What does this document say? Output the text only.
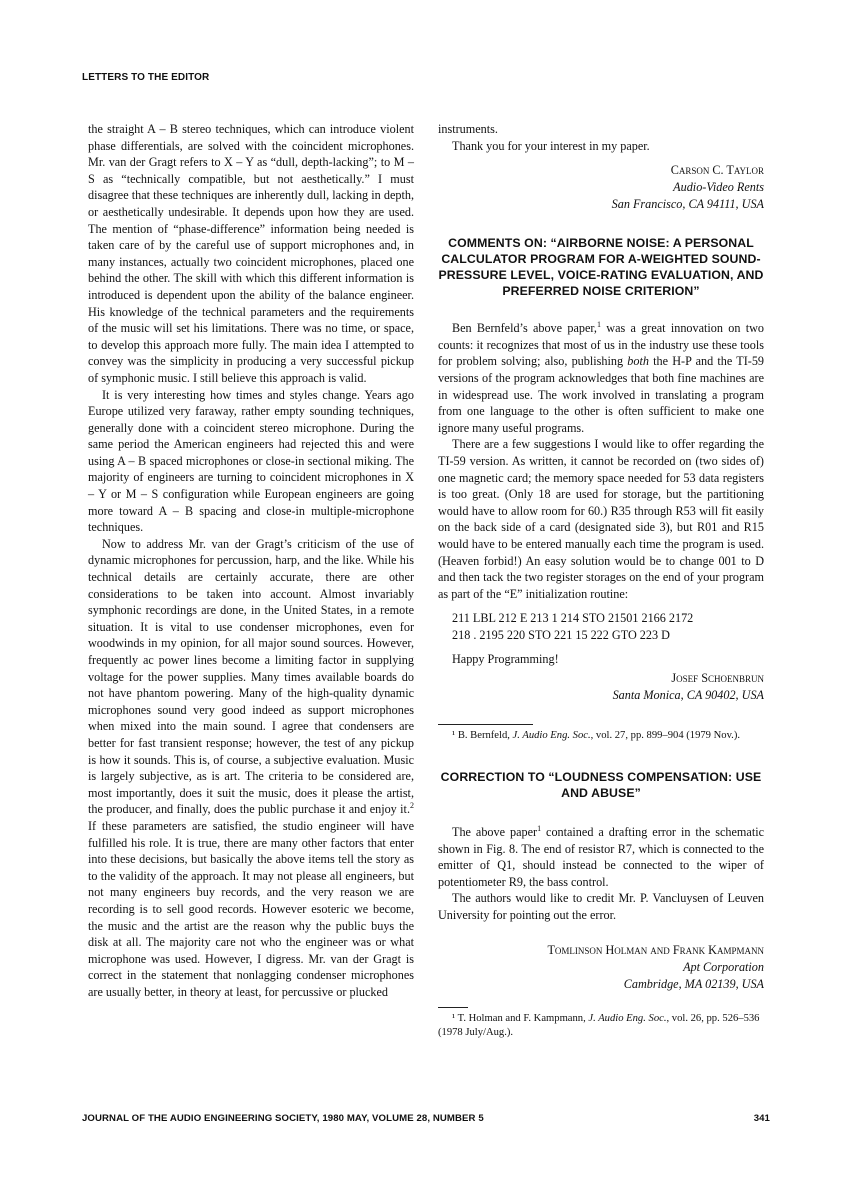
LETTERS TO THE EDITOR

the straight A – B stereo techniques, which can introduce violent phase differentials, are solved with the coincident microphones. Mr. van der Gragt refers to X – Y as “dull, depth-lacking”; to M – S as “technically compatible, but not aesthetically.” I must disagree that these techniques are inherently dull, lacking in depth, or aesthetically undesirable. It depends upon how they are used. The mention of “phase-difference” information being needed is taken care of by the careful use of support microphones and, in many instances, actually two coincident microphones, placed one behind the other. The skill with which this different information is introduced is dependent upon the ability of the balance engineer. His knowledge of the technical parameters and the requirements of the music will set his limitations. There was no time, or space, to develop this approach more fully. The main idea I attempted to convey was the simplicity in producing a very successful pickup of symphonic music. I still believe this approach is valid.

It is very interesting how times and styles change. Years ago Europe utilized very faraway, rather empty sounding techniques, generally done with a coincident stereo microphone. During the same period the American engineers had rejected this and were using A – B spaced microphones or close-in sectional miking. The majority of engineers are turning to coincident microphones in X – Y or M – S configuration while European engineers are going more toward A – B spacing and close-in multiple-microphone techniques.

Now to address Mr. van der Gragt’s criticism of the use of dynamic microphones for percussion, harp, and the like. While his technical details are certainly accurate, there are other considerations to be taken into account. Almost invariably symphonic recordings are done, in the United States, in a remote situation. It is vital to use condenser microphones, even for woodwinds in my opinion, for all major sound sources. However, frequently ac power lines become a limiting factor in supplying voltage for the power supplies. Many times available boards do not have phantom powering. Many of the high-quality dynamic microphones sound very good indeed as support microphones when mixed into the main sound. I agree that condensers are better for fast transient response; however, the test of any pickup is how it sounds. This is, of course, a subjective evaluation. Music is largely subjective, as is art. The criteria to be considered are, most importantly, does it suit the music, does it please the artist, the producer, and finally, does the public purchase it and enjoy it.$^2$ If these parameters are satisfied, the studio engineer will have fulfilled his role. It is true, there are many other factors that enter into these decisions, but basically the above items tell the story as to the validity of the approach. It may not please all engineers, but not many engineers buy records, and the very reason we are recording is to sell good records. However esoteric we become, the music and the artist are the reason why the public buys the disk at all. The majority care not who the engineer was or what microphone was used. However, I digress. Mr. van der Gragt is correct in the statement that nonlagging condenser microphones are usually better, in theory at least, for percussive or plucked

instruments.

Thank you for your interest in my paper.

Carson C. Taylor
Audio-Video Rents
San Francisco, CA 94111, USA
COMMENTS ON: “AIRBORNE NOISE: A PERSONAL CALCULATOR PROGRAM FOR A-WEIGHTED SOUND-PRESSURE LEVEL, VOICE-RATING EVALUATION, AND PREFERRED NOISE CRITERION”

Ben Bernfeld’s above paper,$^1$ was a great innovation on two counts: it recognizes that most of us in the industry use these tools for problem solving; also, publishing both the H-P and the TI-59 versions of the program acknowledges that both fine machines are in widespread use. The work involved in translating a program from one language to the other is often sufficient to make one ignore many useful programs.

There are a few suggestions I would like to offer regarding the TI-59 version. As written, it cannot be recorded on (two sides of) one magnetic card; the memory space needed for 53 data registers is too great. (Only 18 are used for storage, but the partitioning would have to allow room for 60.) R35 through R53 will fit easily on the back side of a card (designated side 3), but R01 and R15 would have to be entered manually each time the program is used. (Heaven forbid!) An easy solution would be to change 001 to D and then tack the two register storages on the end of your program as part of the “E” initialization routine:

211 LBL 212 E 213 1 214 STO 21501 2166 2172
218 . 2195 220 STO 221 15 222 GTO 223 D

Happy Programming!

Josef Schoenbrun
Santa Monica, CA 90402, USA

¹ B. Bernfeld, J. Audio Eng. Soc., vol. 27, pp. 899–904 (1979 Nov.).

CORRECTION TO “LOUDNESS COMPENSATION: USE AND ABUSE”

The above paper$^1$ contained a drafting error in the schematic shown in Fig. 8. The end of resistor R7, which is connected to the emitter of Q1, should instead be connected to the wiper of potentiometer R9, the bass control.

The authors would like to credit Mr. P. Vancluysen of Leuven University for pointing out the error.

Tomlinson Holman and Frank Kampmann
Apt Corporation
Cambridge, MA 02139, USA

¹ T. Holman and F. Kampmann, J. Audio Eng. Soc., vol. 26, pp. 526–536 (1978 July/Aug.).

JOURNAL OF THE AUDIO ENGINEERING SOCIETY, 1980 MAY, VOLUME 28, NUMBER 5	341
